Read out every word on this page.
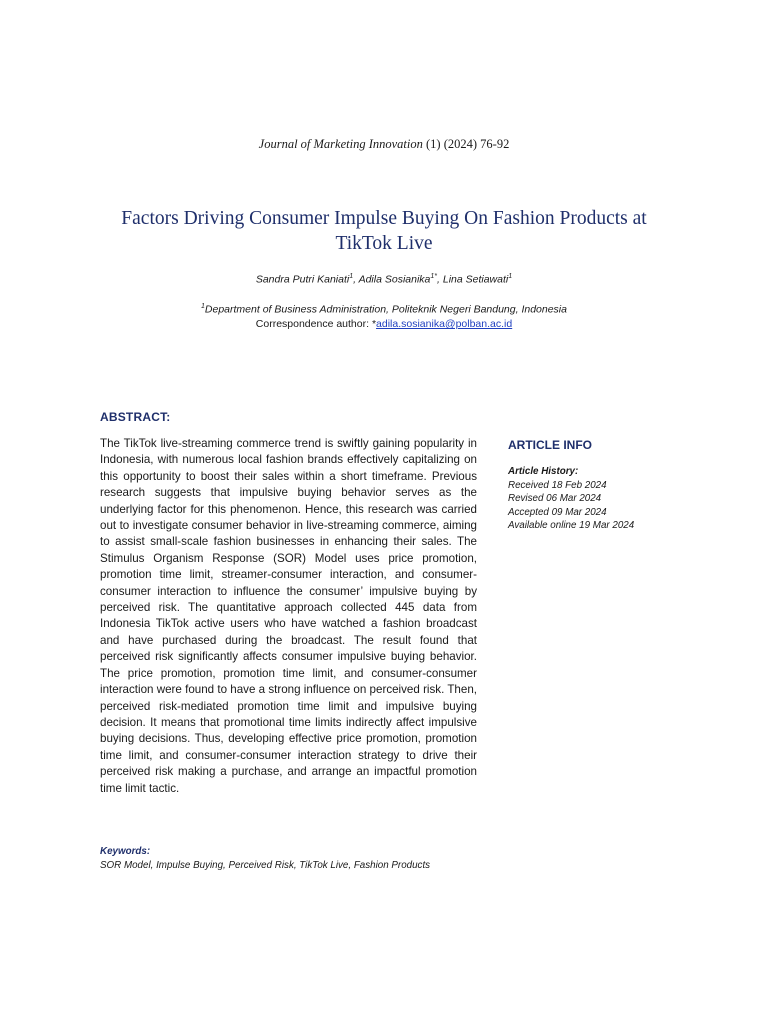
Journal of Marketing Innovation (1) (2024) 76-92
Factors Driving Consumer Impulse Buying On Fashion Products at TikTok Live
Sandra Putri Kaniati$^1$, Adila Sosianika$^{1*}$, Lina Setiawati$^1$
$^1$Department of Business Administration, Politeknik Negeri Bandung, Indonesia
Correspondence author: *adila.sosianika@polban.ac.id
ABSTRACT:
The TikTok live-streaming commerce trend is swiftly gaining popularity in Indonesia, with numerous local fashion brands effectively capitalizing on this opportunity to boost their sales within a short timeframe. Previous research suggests that impulsive buying behavior serves as the underlying factor for this phenomenon. Hence, this research was carried out to investigate consumer behavior in live-streaming commerce, aiming to assist small-scale fashion businesses in enhancing their sales. The Stimulus Organism Response (SOR) Model uses price promotion, promotion time limit, streamer-consumer interaction, and consumer-consumer interaction to influence the consumer’ impulsive buying by perceived risk. The quantitative approach collected 445 data from Indonesia TikTok active users who have watched a fashion broadcast and have purchased during the broadcast. The result found that perceived risk significantly affects consumer impulsive buying behavior. The price promotion, promotion time limit, and consumer-consumer interaction were found to have a strong influence on perceived risk. Then, perceived risk-mediated promotion time limit and impulsive buying decision. It means that promotional time limits indirectly affect impulsive buying decisions. Thus, developing effective price promotion, promotion time limit, and consumer-consumer interaction strategy to drive their perceived risk making a purchase, and arrange an impactful promotion time limit tactic.
ARTICLE INFO
Article History:
Received 18 Feb 2024
Revised 06 Mar 2024
Accepted 09 Mar 2024
Available online 19 Mar 2024
Keywords:
SOR Model, Impulse Buying, Perceived Risk, TikTok Live, Fashion Products
